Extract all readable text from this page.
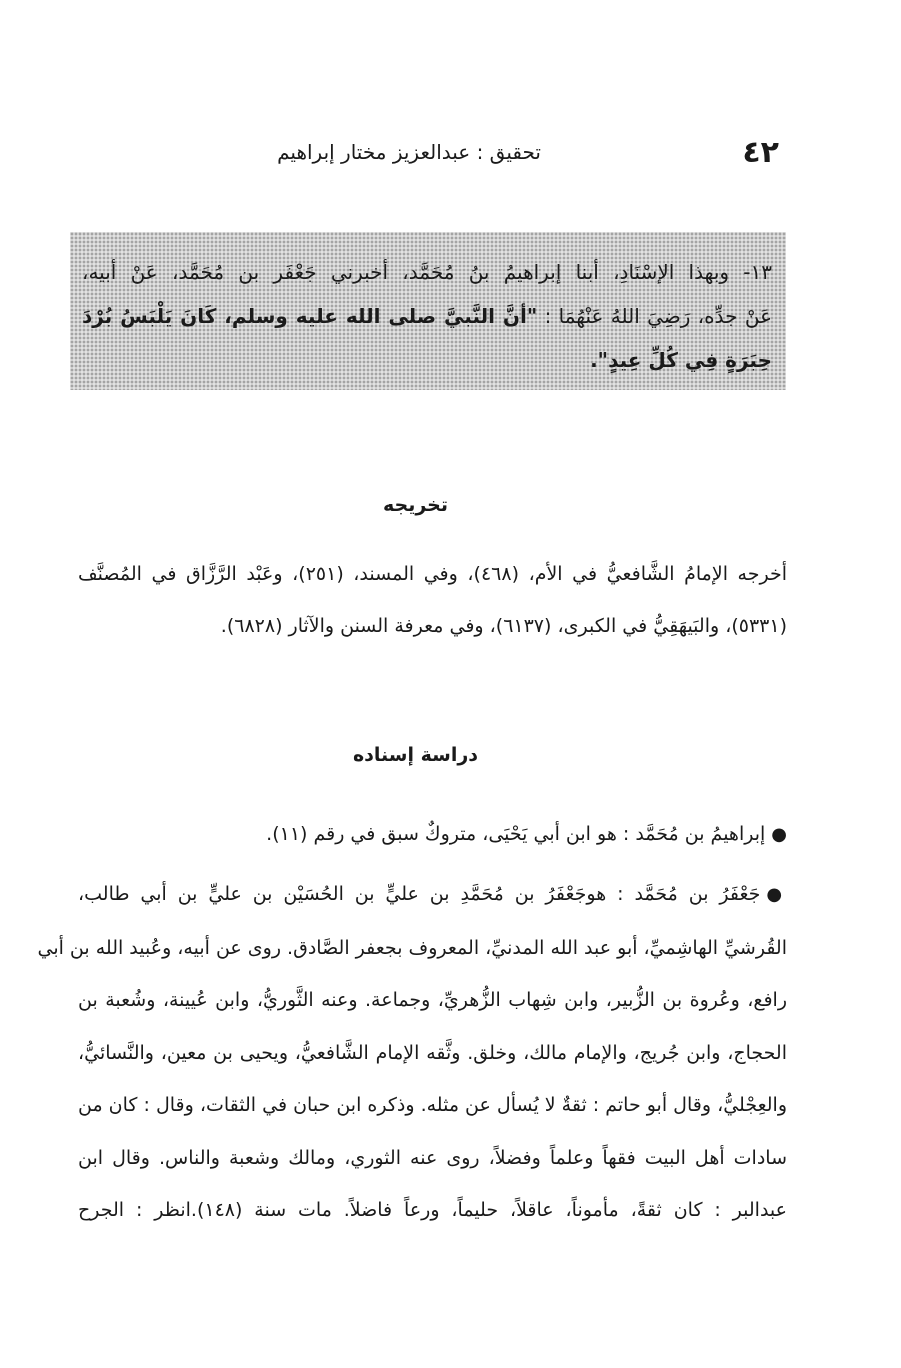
٤٢
تحقيق : عبدالعزيز مختار إبراهيم
١٣- وبهذا الإسْنَادِ، أبنا إبراهيمُ بنُ مُحَمَّد، أخبرني جَعْفَر بن مُحَمَّد، عَنْ أبيه،
عَنْ جدِّه، رَضِيَ اللهُ عَنْهُمَا : "أنَّ النَّبيَّ صلى الله عليه وسلم، كَانَ يَلْبَسُ بُرْدَ
حِبَرَةٍ فِي كُلِّ عِيدٍ".
تخريجه
أخرجه الإمامُ الشَّافعيُّ في الأم، (٤٦٨)، وفي المسند، (٢٥١)، وعَبْد الرَّزَّاق في المُصنَّف
(٥٣٣١)، والبَيهَقِيُّ في الكبرى، (٦١٣٧)، وفي معرفة السنن والآثار (٦٨٢٨).
دراسة إسناده
●إبراهيمُ بن مُحَمَّد : هو ابن أبي يَحْيَى، متروكٌ سبق في رقم (١١).
●جَعْفَرُ بن مُحَمَّد : هوجَعْفَرُ بن مُحَمَّدِ بن عليٍّ بن الحُسَيْن بن عليٍّ بن أبي طالب،
القُرشيِّ الهاشِميِّ، أبو عبد الله المدنيِّ، المعروف بجعفر الصَّادق. روى عن أبيه، وعُبيد الله بن أبي
رافع، وعُروة بن الزُّبير، وابن شِهاب الزُّهريِّ، وجماعة. وعنه الثَّوريُّ، وابن عُيينة، وشُعبة بن
الحجاج، وابن جُريج، والإمام مالك، وخلق. وثَّقه الإمام الشَّافعيُّ، ويحيى بن معين، والنَّسائيُّ،
والعِجْليُّ، وقال أبو حاتم : ثقةٌ لا يُسأل عن مثله. وذكره ابن حبان في الثقات، وقال : كان من
سادات أهل البيت فقهاً وعلماً وفضلاً، روى عنه الثوري، ومالك وشعبة والناس. وقال ابن
عبدالبر : كان ثقةً، مأموناً، عاقلاً، حليماً، ورعاً فاضلاً. مات سنة (١٤٨).انظر : الجرح
